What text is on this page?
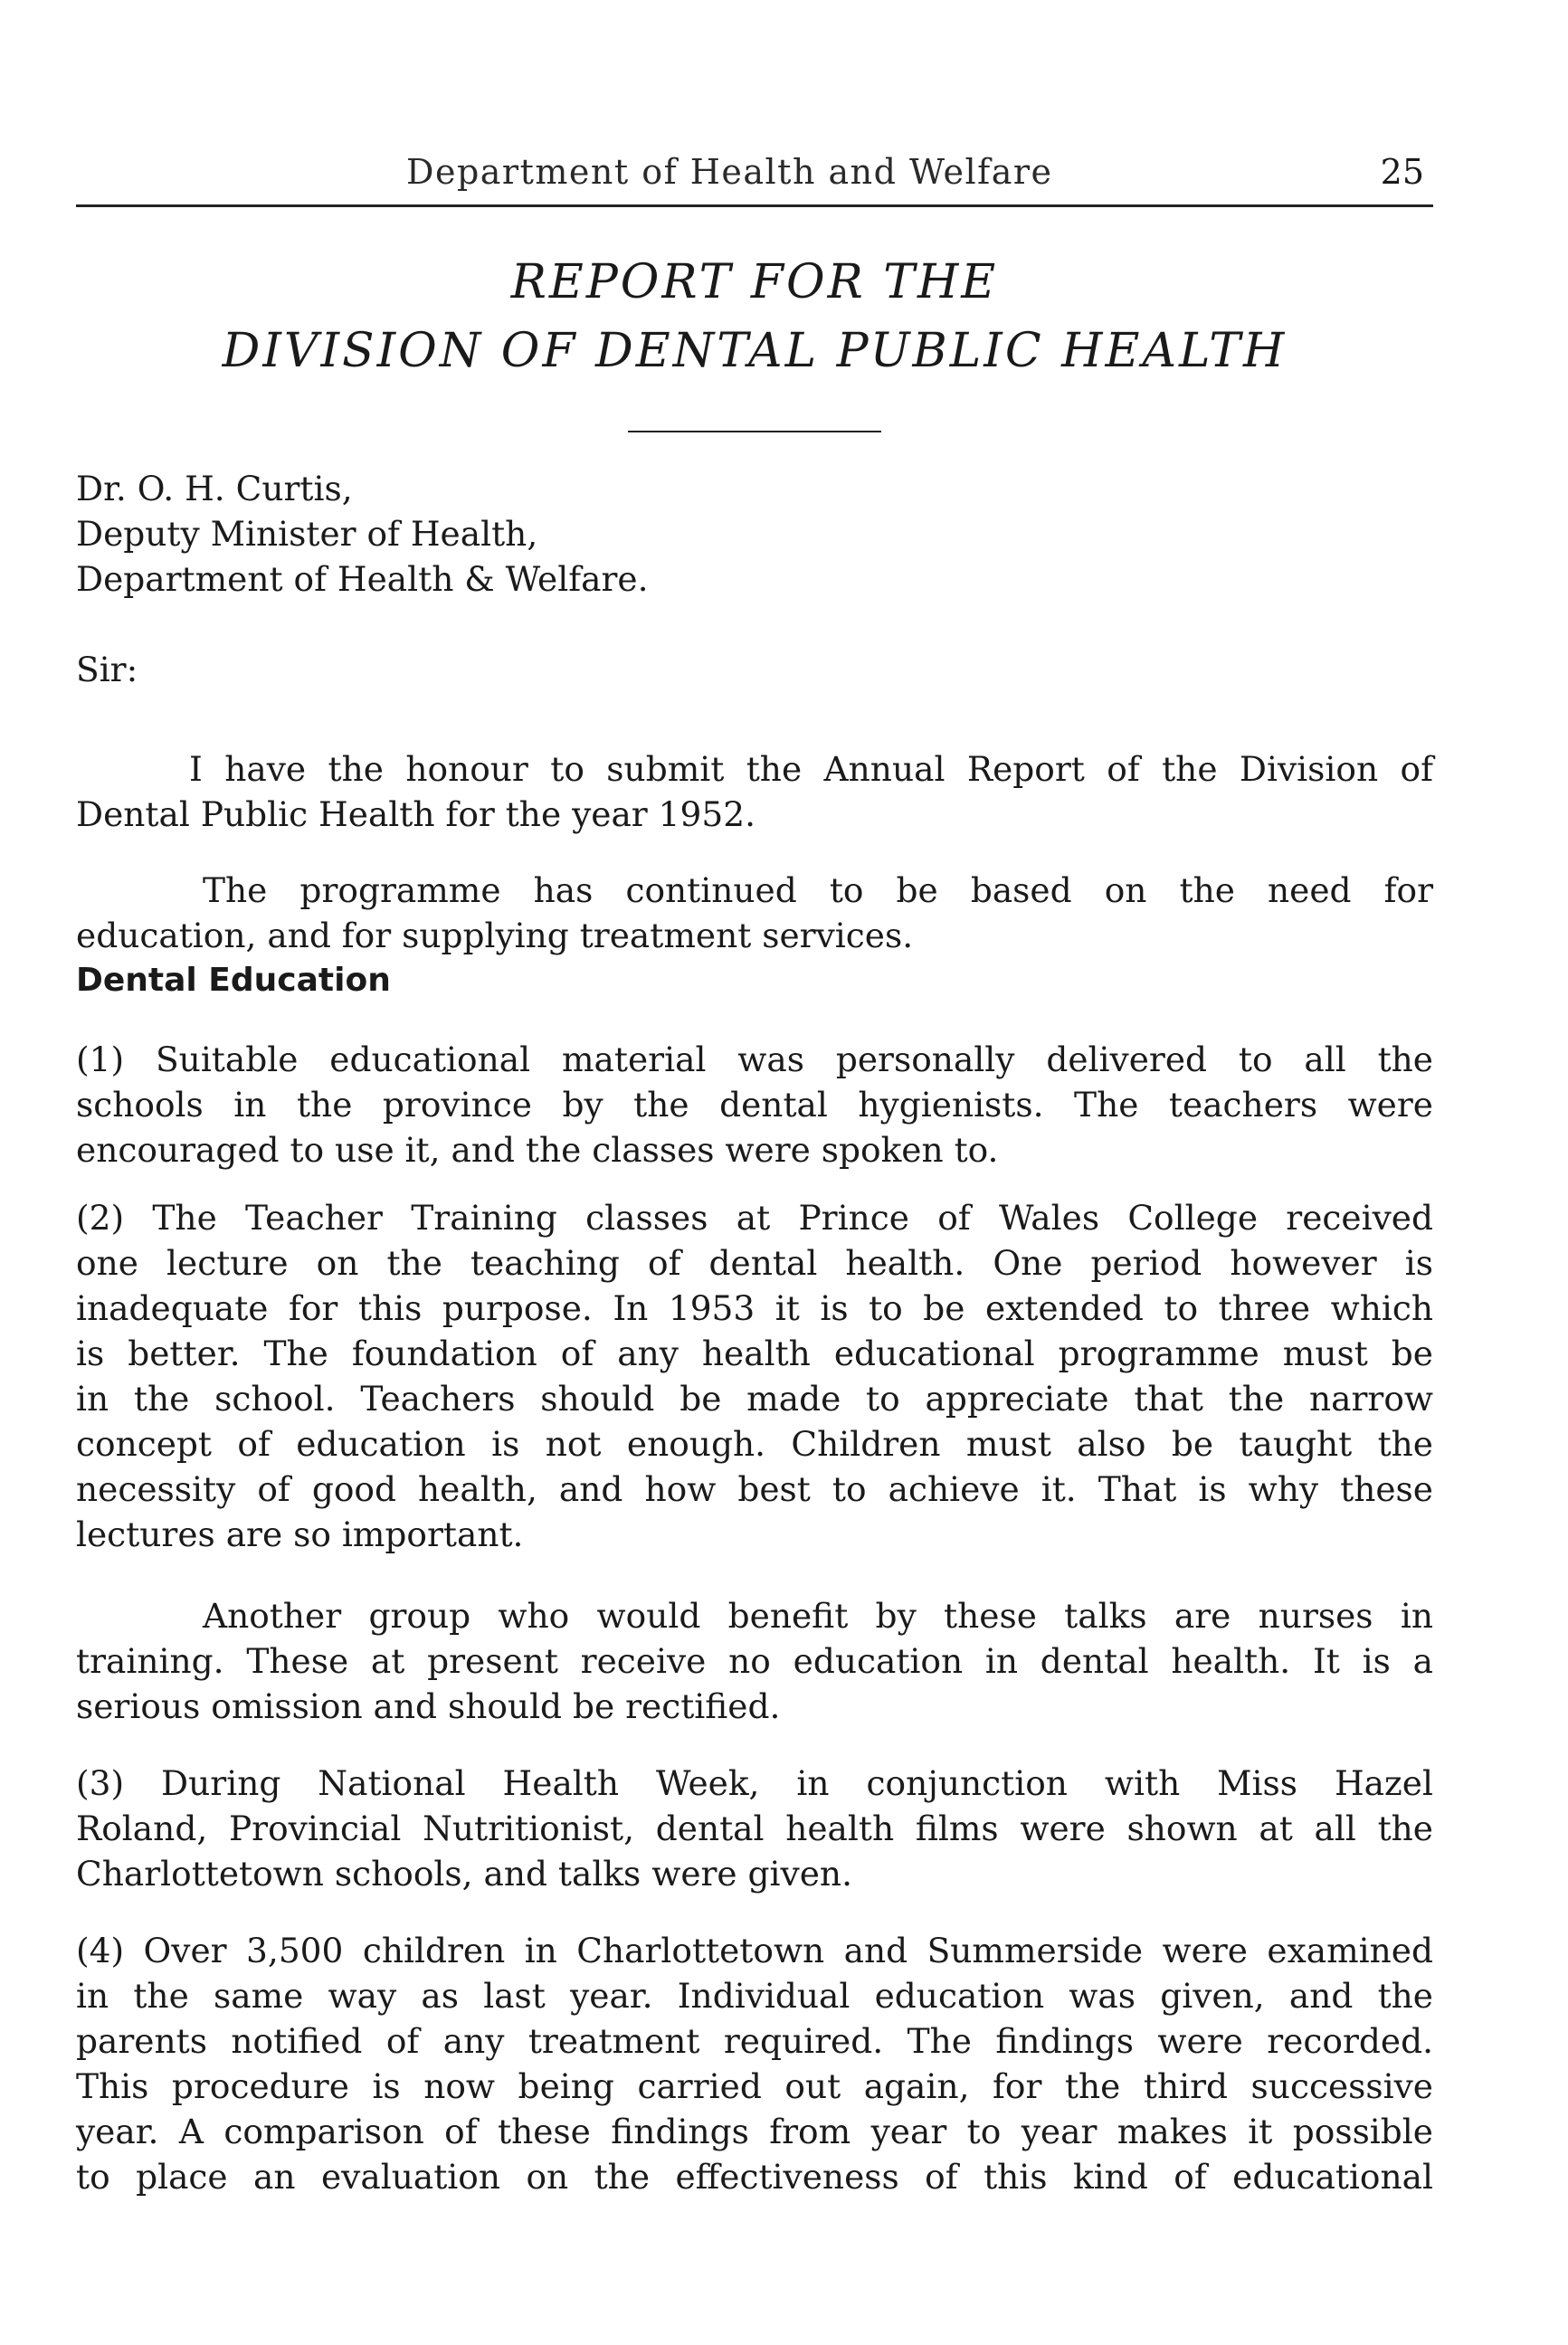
Department of Health and Welfare	25
REPORT FOR THE
DIVISION OF DENTAL PUBLIC HEALTH
Dr. O. H. Curtis,
Deputy Minister of Health,
Department of Health & Welfare.
Sir:
I have the honour to submit the Annual Report of the Division of
Dental Public Health for the year 1952.
The programme has continued to be based on the need for
education, and for supplying treatment services.
Dental Education
(1) Suitable educational material was personally delivered to all the
schools in the province by the dental hygienists. The teachers were
encouraged to use it, and the classes were spoken to.
(2) The Teacher Training classes at Prince of Wales College received
one lecture on the teaching of dental health. One period however is
inadequate for this purpose. In 1953 it is to be extended to three which
is better. The foundation of any health educational programme must be
in the school. Teachers should be made to appreciate that the narrow
concept of education is not enough. Children must also be taught the
necessity of good health, and how best to achieve it. That is why these
lectures are so important.
Another group who would benefit by these talks are nurses in
training. These at present receive no education in dental health. It is a
serious omission and should be rectified.
(3) During National Health Week, in conjunction with Miss Hazel
Roland, Provincial Nutritionist, dental health films were shown at all the
Charlottetown schools, and talks were given.
(4) Over 3,500 children in Charlottetown and Summerside were examined
in the same way as last year. Individual education was given, and the
parents notified of any treatment required. The findings were recorded.
This procedure is now being carried out again, for the third successive
year. A comparison of these findings from year to year makes it possible
to place an evaluation on the effectiveness of this kind of educational
